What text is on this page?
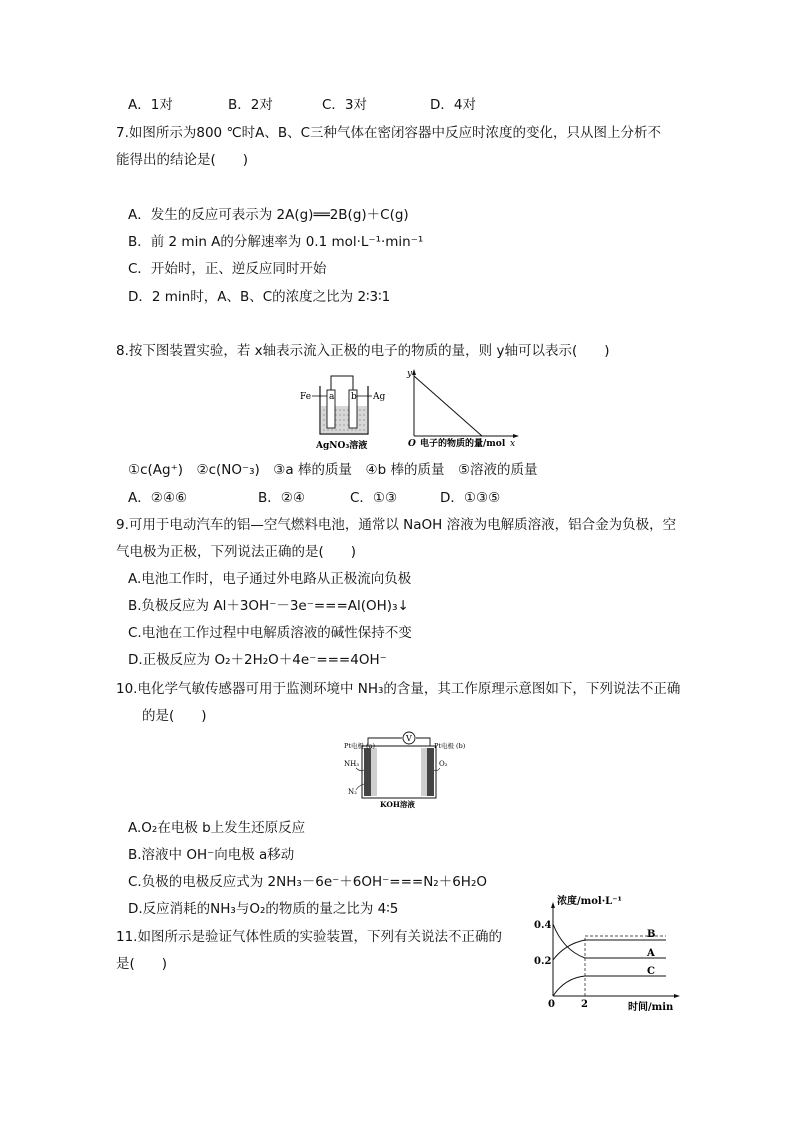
A．1对	B．2对	C．3对	D．4对
7.如图所示为800 ℃时A、B、C三种气体在密闭容器中反应时浓度的变化，只从图上分析不
能得出的结论是(　　)
A．发生的反应可表示为 2A(g)══2B(g)＋C(g)
B．前 2 min A的分解速率为 0.1 mol·L⁻¹·min⁻¹
C．开始时，正、逆反应同时开始
D．2 min时，A、B、C的浓度之比为 2∶3∶1
8.按下图装置实验，若 x轴表示流入正极的电子的物质的量，则 y轴可以表示(　　)
Fe	Ag
a b
AgNO₃溶液
y
O 电子的物质的量/mol x
①c(Ag⁺)　②c(NO⁻₃)　③a 棒的质量　④b 棒的质量　⑤溶液的质量
A．②④⑥	B．②④	C．①③	D．①③⑤
9.可用于电动汽车的铝—空气燃料电池，通常以 NaOH 溶液为电解质溶液，铝合金为负极，空
气电极为正极，下列说法正确的是(　　)
A.电池工作时，电子通过外电路从正极流向负极
B.负极反应为 Al＋3OH⁻－3e⁻===Al(OH)₃↓
C.电池在工作过程中电解质溶液的碱性保持不变
D.正极反应为 O₂＋2H₂O＋4e⁻===4OH⁻
10.电化学气敏传感器可用于监测环境中 NH₃的含量，其工作原理示意图如下，下列说法不正确
的是(　　)
V
Pt电极 (a)	Pt电极 (b)
NH₃
N₂
O₂
KOH溶液
A.O₂在电极 b上发生还原反应
B.溶液中 OH⁻向电极 a移动
C.负极的电极反应式为 2NH₃－6e⁻＋6OH⁻===N₂＋6H₂O
D.反应消耗的NH₃与O₂的物质的量之比为 4∶5
11.如图所示是验证气体性质的实验装置，下列有关说法不正确的
是(　　)
浓度/mol·L⁻¹
时间/min
0	2
0.4
0.2
B
A
C
